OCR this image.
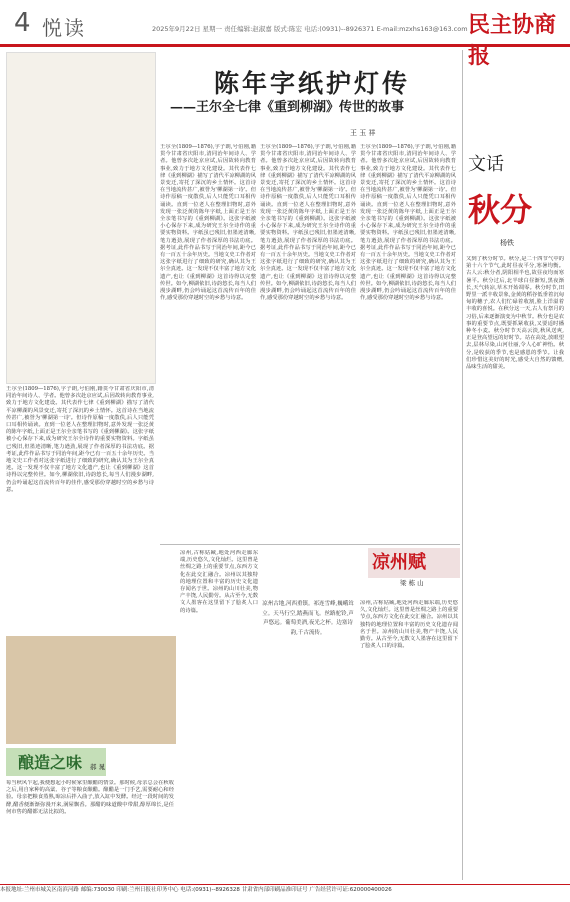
4 悦读	2025年9月22日 星期一 责任编辑:赵淑嘉 版式:陈宏 电话:(0931)--8926371 E-mail:mzxhs163@163.com 民主协商报
陈年字纸护灯传
——王尔全七律《重到柳湖》传世的故事
王 玉 祥
王尔全(1809—1876),字子朗,号伯刚,籍贯今甘肃省庆阳市,清同治年间诗人、学者。他曾多次赴京应试,后因故转向教育事业,致力于地方文化建设。其代表作七律《重到柳湖》描写了清代平凉柳湖的风景变迁,寄托了深沉的乡土情怀。这首诗在当地流传甚广,被誉为'柳湖第一诗'。但诗作原稿一度散佚,后人只能凭口耳相传诵读。直到一位老人在整理旧物时,意外发现一张泛黄的陈年字纸,上面正是王尔全亲笔书写的《重到柳湖》。这张字纸被小心保存下来,成为研究王尔全诗作的重要实物资料。字纸虽已残旧,但墨迹清晰,笔力遒劲,展现了作者深厚的书法功底。据考证,此件作品书写于同治年间,距今已有一百五十余年历史。当地文史工作者对这张字纸进行了细致的研究,确认其为王尔全真迹。这一发现不仅丰富了地方文化遗产,也让《重到柳湖》这首诗得以完整传世。如今,柳湖依旧,诗韵悠长,每当人们漫步湖畔,仍会吟诵起这首流传百年的佳作,感受那份穿越时空的乡愁与诗意。
王尔全(1809—1876),字子朗,号伯刚,籍贯今甘肃省庆阳市,清同治年间诗人、学者。他曾多次赴京应试,后因故转向教育事业,致力于地方文化建设。其代表作七律《重到柳湖》描写了清代平凉柳湖的风景变迁,寄托了深沉的乡土情怀。这首诗在当地流传甚广,被誉为'柳湖第一诗'。但诗作原稿一度散佚,后人只能凭口耳相传诵读。直到一位老人在整理旧物时,意外发现一张泛黄的陈年字纸,上面正是王尔全亲笔书写的《重到柳湖》。这张字纸被小心保存下来,成为研究王尔全诗作的重要实物资料。字纸虽已残旧,但墨迹清晰,笔力遒劲,展现了作者深厚的书法功底。据考证,此件作品书写于同治年间,距今已有一百五十余年历史。当地文史工作者对这张字纸进行了细致的研究,确认其为王尔全真迹。这一发现不仅丰富了地方文化遗产,也让《重到柳湖》这首诗得以完整传世。如今,柳湖依旧,诗韵悠长,每当人们漫步湖畔,仍会吟诵起这首流传百年的佳作,感受那份穿越时空的乡愁与诗意。
王尔全(1809—1876),字子朗,号伯刚,籍贯今甘肃省庆阳市,清同治年间诗人、学者。他曾多次赴京应试,后因故转向教育事业,致力于地方文化建设。其代表作七律《重到柳湖》描写了清代平凉柳湖的风景变迁,寄托了深沉的乡土情怀。这首诗在当地流传甚广,被誉为'柳湖第一诗'。但诗作原稿一度散佚,后人只能凭口耳相传诵读。直到一位老人在整理旧物时,意外发现一张泛黄的陈年字纸,上面正是王尔全亲笔书写的《重到柳湖》。这张字纸被小心保存下来,成为研究王尔全诗作的重要实物资料。字纸虽已残旧,但墨迹清晰,笔力遒劲,展现了作者深厚的书法功底。据考证,此件作品书写于同治年间,距今已有一百五十余年历史。当地文史工作者对这张字纸进行了细致的研究,确认其为王尔全真迹。这一发现不仅丰富了地方文化遗产,也让《重到柳湖》这首诗得以完整传世。如今,柳湖依旧,诗韵悠长,每当人们漫步湖畔,仍会吟诵起这首流传百年的佳作,感受那份穿越时空的乡愁与诗意。
王尔全(1809—1876),字子朗,号伯刚,籍贯今甘肃省庆阳市,清同治年间诗人、学者。他曾多次赴京应试,后因故转向教育事业,致力于地方文化建设。其代表作七律《重到柳湖》描写了清代平凉柳湖的风景变迁,寄托了深沉的乡土情怀。这首诗在当地流传甚广,被誉为'柳湖第一诗'。但诗作原稿一度散佚,后人只能凭口耳相传诵读。直到一位老人在整理旧物时,意外发现一张泛黄的陈年字纸,上面正是王尔全亲笔书写的《重到柳湖》。这张字纸被小心保存下来,成为研究王尔全诗作的重要实物资料。字纸虽已残旧,但墨迹清晰,笔力遒劲,展现了作者深厚的书法功底。据考证,此件作品书写于同治年间,距今已有一百五十余年历史。当地文史工作者对这张字纸进行了细致的研究,确认其为王尔全真迹。这一发现不仅丰富了地方文化遗产,也让《重到柳湖》这首诗得以完整传世。如今,柳湖依旧,诗韵悠长,每当人们漫步湖畔,仍会吟诵起这首流传百年的佳作,感受那份穿越时空的乡愁与诗意。
文话
秋分
杨铁
又到了秋分时节。秋分,是二十四节气中的第十六个节气,此时昼夜平分,寒暑均衡。古人云:秋分者,阴阳相半也,故昼夜均而寒暑平。秋分过后,北半球白昼渐短,黑夜渐长,天气转凉,草木开始凋零。秋分时节,田野里一派丰收景象,金黄的稻谷低垂着沉甸甸的穗子,农人们忙碌着收割,脸上洋溢着丰收的喜悦。在秋分这一天,古人有祭月的习俗,后来逐渐演变为中秋节。秋分也是农事的重要节点,既要抓紧收获,又要适时播种冬小麦。秋分时节天高云淡,秋风送爽,正是登高望远的好时节。站在高处,放眼望去,层林尽染,山河壮丽,令人心旷神怡。秋分,是收获的季节,也是感恩的季节。让我们珍惜这美好的时光,感受大自然的馈赠,品味生活的甜美。
凉州赋
梁 栋 山
凉州古地,河西重镇。祁连雪峰,巍峨耸立。天马行空,踏燕而飞。丝路驼铃,声声悠远。葡萄美酒,夜光之杯。边塞诗韵,千古流传。
凉州,古称姑臧,地处河西走廊东端,历史悠久,文化灿烂。这里曾是丝绸之路上的重要节点,东西方文化在此交汇融合。凉州以其独特的地理位置和丰富的历史文化遗存闻名于世。凉州的山川壮美,物产丰饶,人民勤劳。从古至今,无数文人墨客在这里留下了脍炙人口的诗篇。
凉州,古称姑臧,地处河西走廊东端,历史悠久,文化灿烂。这里曾是丝绸之路上的重要节点,东西方文化在此交汇融合。凉州以其独特的地理位置和丰富的历史文化遗存闻名于世。凉州的山川壮美,物产丰饶,人民勤劳。从古至今,无数文人墨客在这里留下了脍炙人口的诗篇。
酿造之味 郝 晁
每当秋风乍起,我便想起小时候家里酿醋的情景。那时候,母亲总会在秋收之后,用自家种的高粱、谷子等粮食酿醋。酿醋是一门手艺,需要耐心和经验。母亲把粮食蒸熟,晾凉后拌入曲子,放入缸中发酵。经过一段时间的发酵,醋香便渐渐弥漫开来,满屋飘香。那醋的味道酸中带甜,醇厚绵长,是任何市售的醋都无法比拟的。
本报地址:兰州市城关区南滨河路 邮编:730030 印刷:兰州日报社印务中心 电话:(0931)--8926328 甘肃省内部印刷品准印证号 广告经营许可证:620000400026
